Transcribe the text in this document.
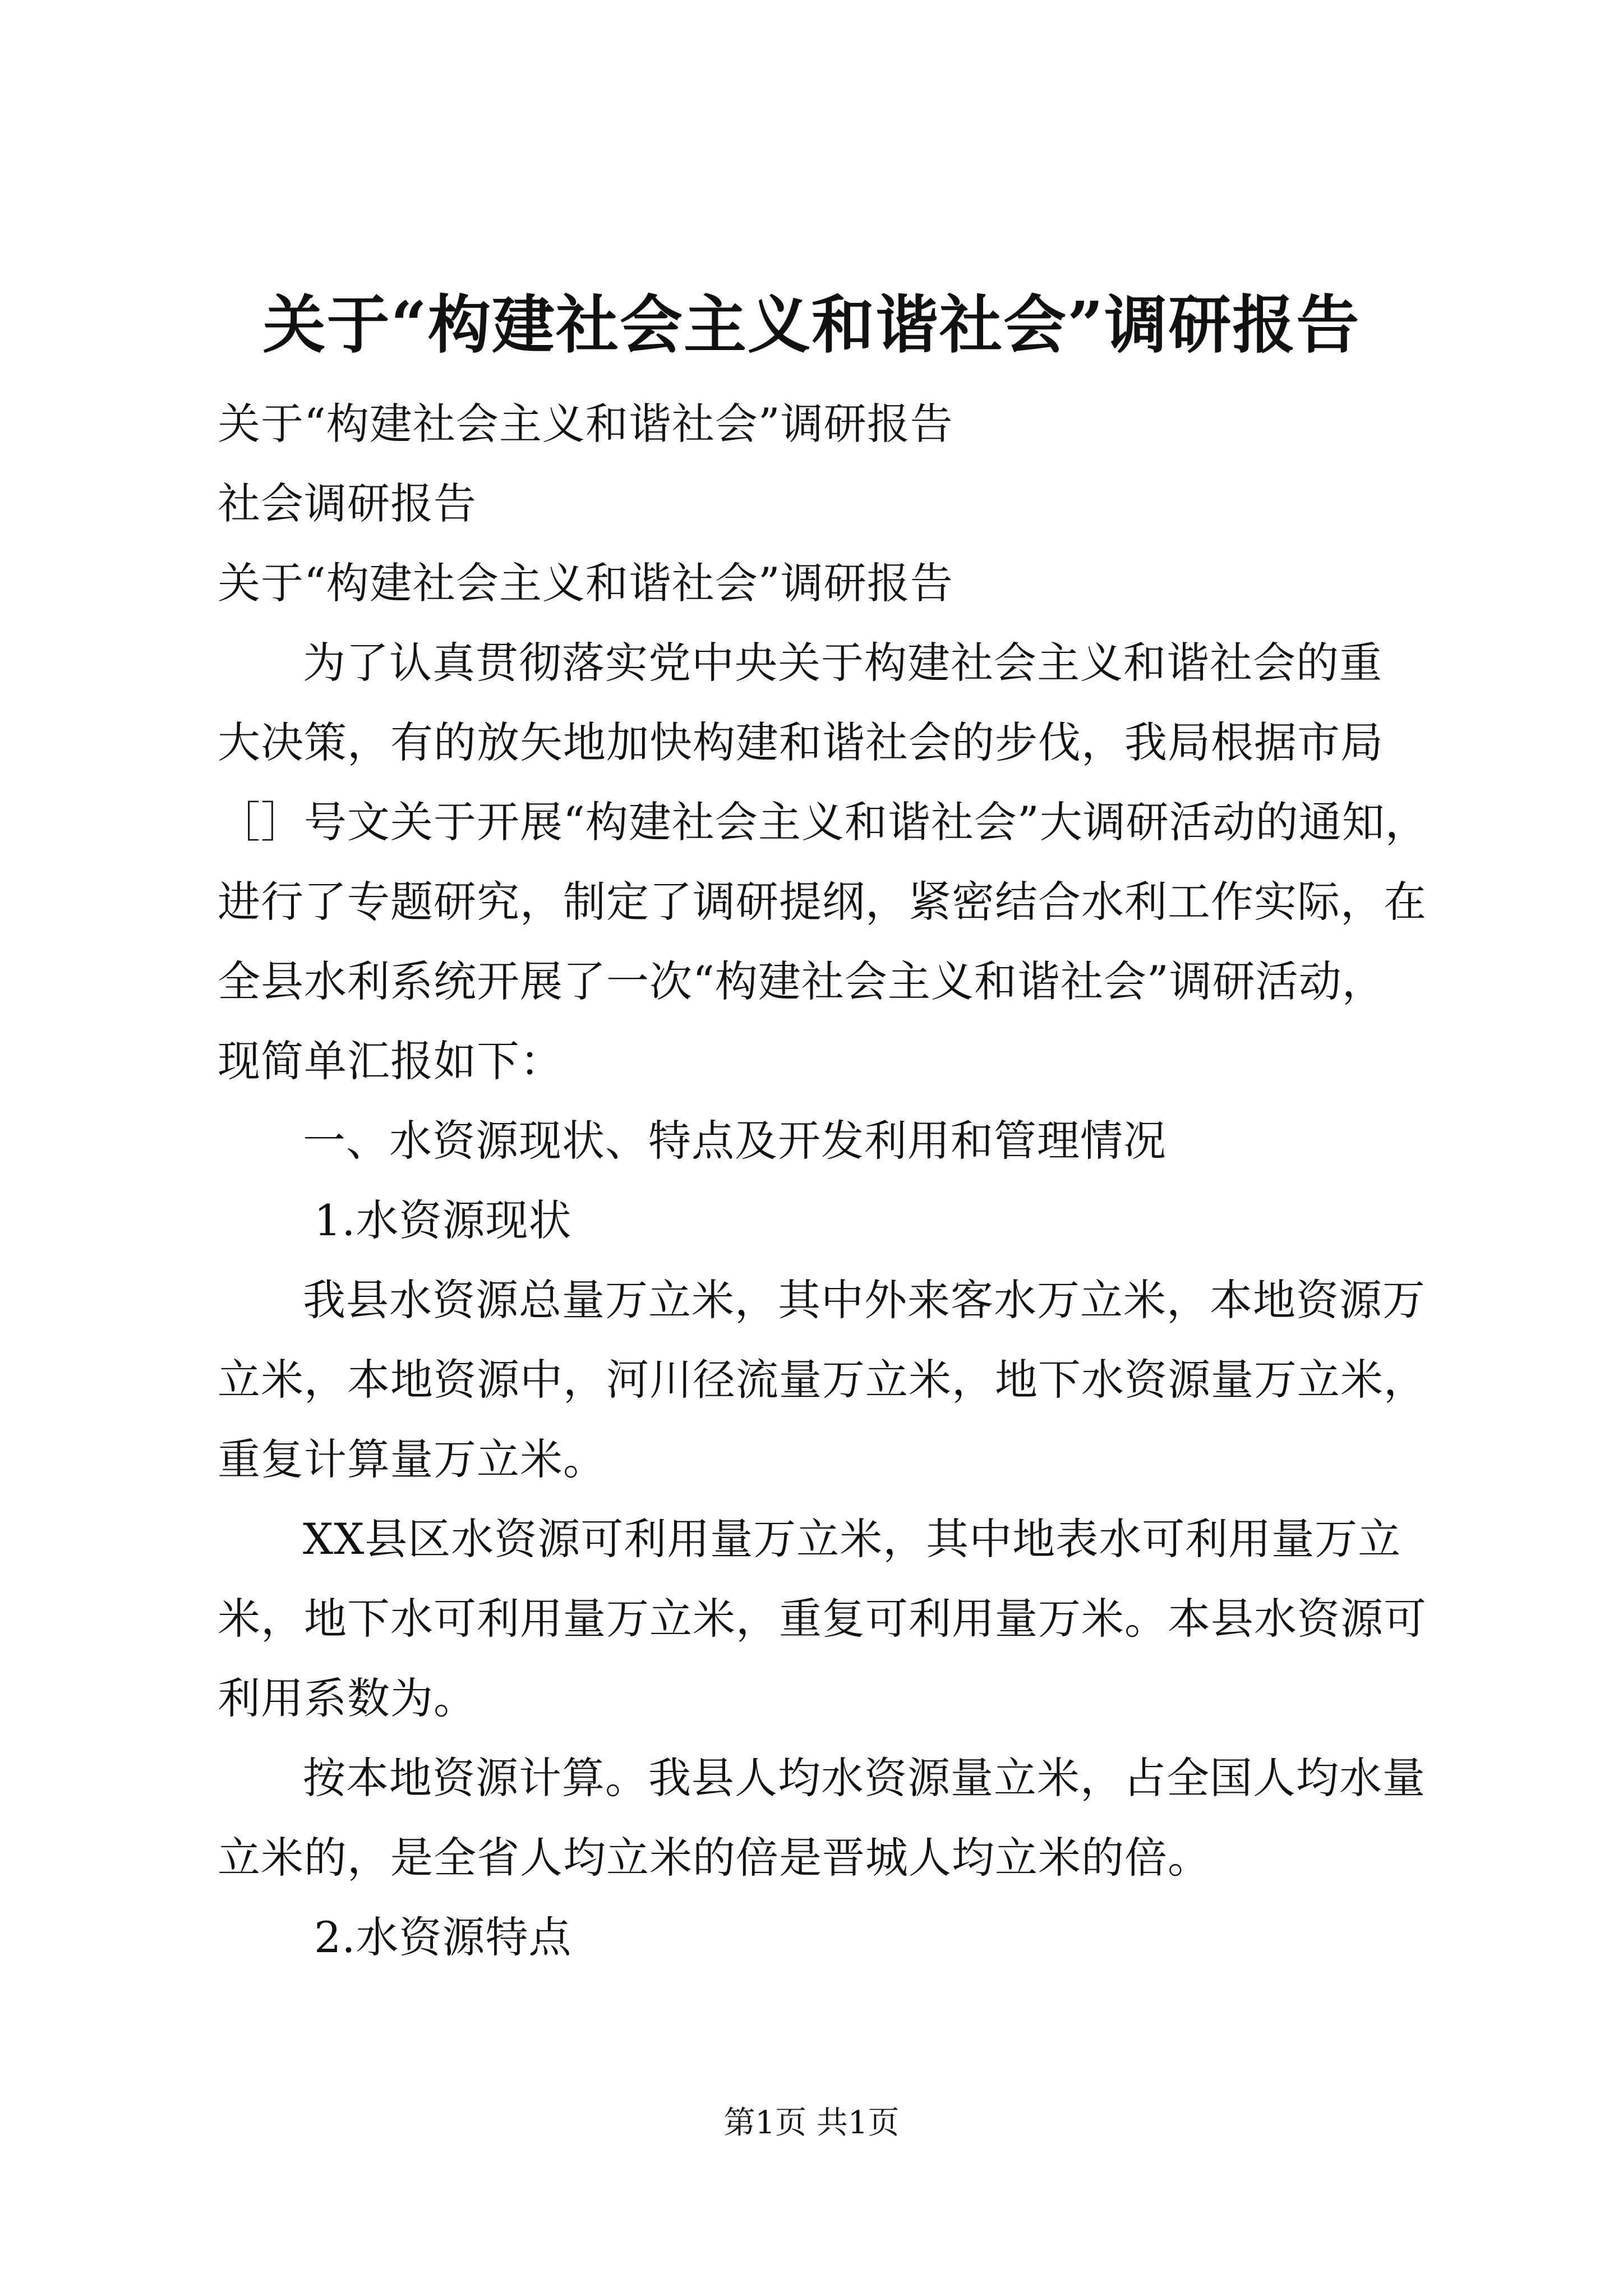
关于“构建社会主义和谐社会”调研报告

关于“构建社会主义和谐社会”调研报告

社会调研报告

关于“构建社会主义和谐社会”调研报告

为了认真贯彻落实党中央关于构建社会主义和谐社会的重

大决策，有的放矢地加快构建和谐社会的步伐，我局根据市局

［］号文关于开展“构建社会主义和谐社会”大调研活动的通知，

进行了专题研究，制定了调研提纲，紧密结合水利工作实际，在

全县水利系统开展了一次“构建社会主义和谐社会”调研活动，

现简单汇报如下：

一、水资源现状、特点及开发利用和管理情况

1.水资源现状

我县水资源总量万立米，其中外来客水万立米，本地资源万

立米，本地资源中，河川径流量万立米，地下水资源量万立米，

重复计算量万立米。

XX县区水资源可利用量万立米，其中地表水可利用量万立

米，地下水可利用量万立米，重复可利用量万米。本县水资源可

利用系数为。

按本地资源计算。我县人均水资源量立米，占全国人均水量

立米的，是全省人均立米的倍是晋城人均立米的倍。

2.水资源特点

第1页 共1页
